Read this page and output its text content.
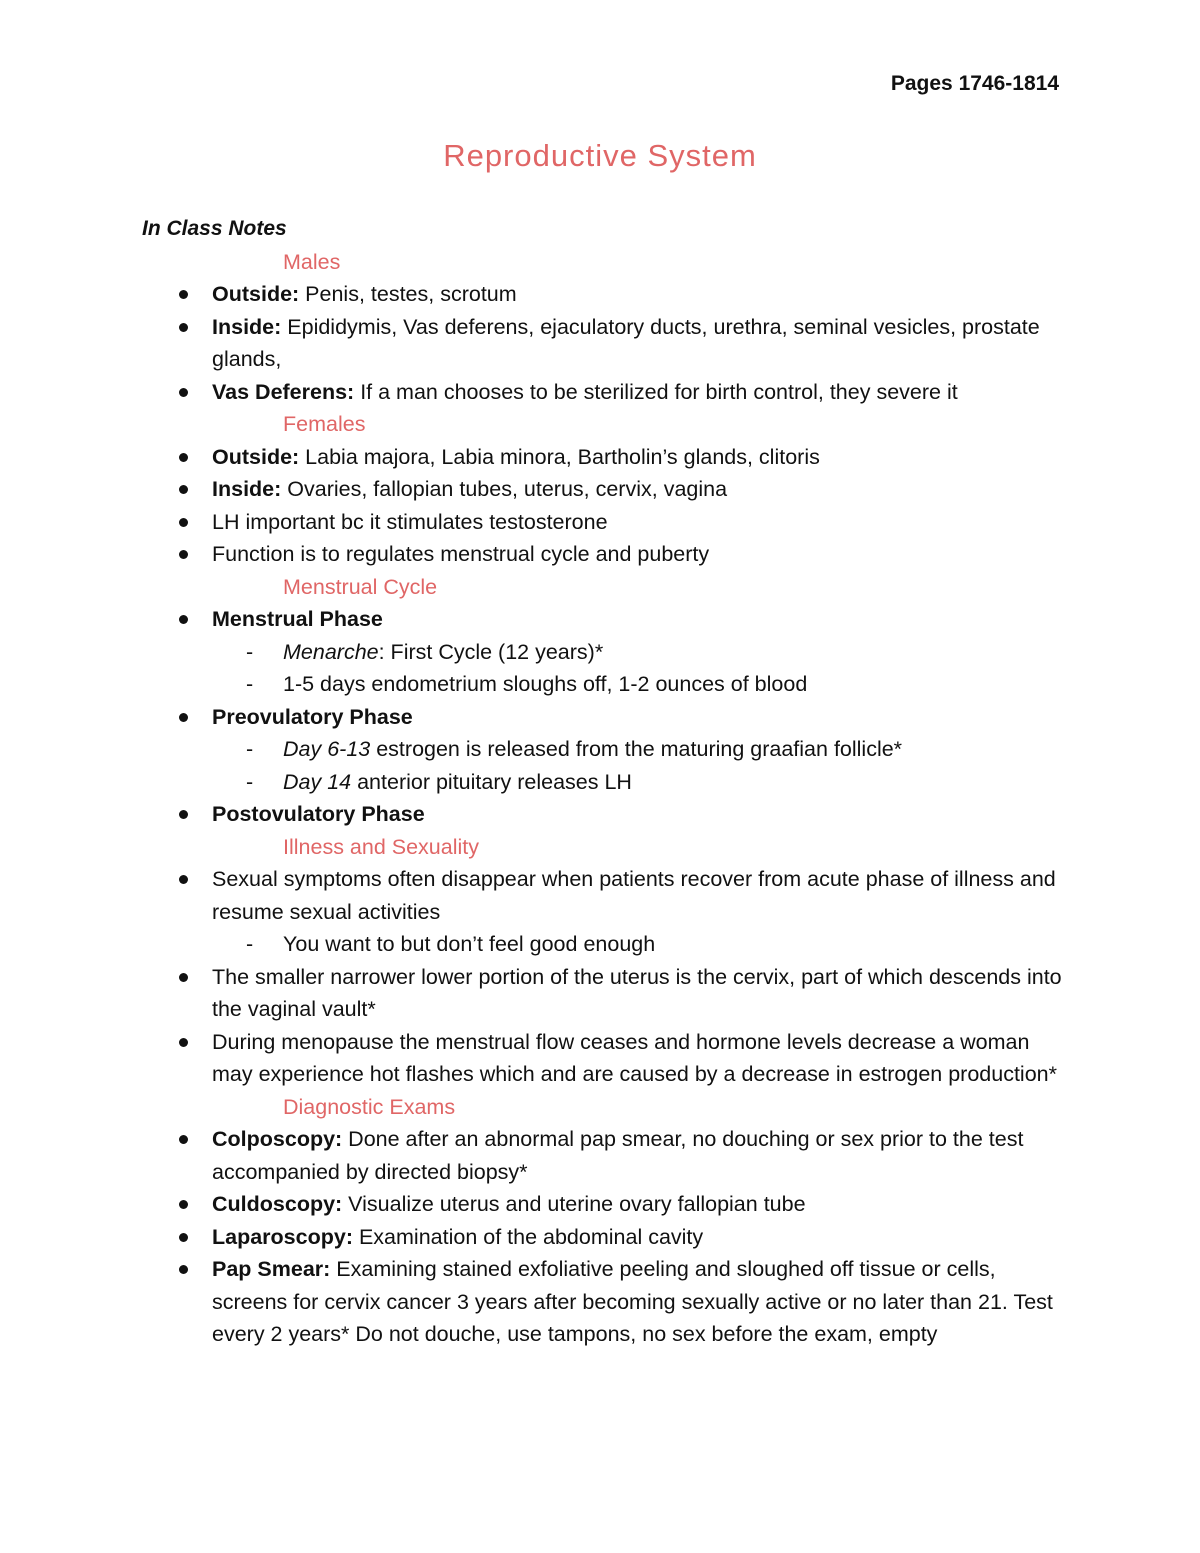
Pages 1746-1814
Reproductive System
In Class Notes
Males
Outside: Penis, testes, scrotum
Inside: Epididymis, Vas deferens, ejaculatory ducts, urethra, seminal vesicles, prostate glands,
Vas Deferens: If a man chooses to be sterilized for birth control, they severe it
Females
Outside: Labia majora, Labia minora, Bartholin’s glands, clitoris
Inside: Ovaries, fallopian tubes, uterus, cervix, vagina
LH important bc it stimulates testosterone
Function is to regulates menstrual cycle and puberty
Menstrual Cycle
Menstrual Phase
- Menarche: First Cycle (12 years)*
- 1-5 days endometrium sloughs off, 1-2 ounces of blood
Preovulatory Phase
- Day 6-13 estrogen is released from the maturing graafian follicle*
- Day 14 anterior pituitary releases LH
Postovulatory Phase
Illness and Sexuality
Sexual symptoms often disappear when patients recover from acute phase of illness and resume sexual activities
- You want to but don’t feel good enough
The smaller narrower lower portion of the uterus is the cervix, part of which descends into the vaginal vault*
During menopause the menstrual flow ceases and hormone levels decrease a woman may experience hot flashes which and are caused by a decrease in estrogen production*
Diagnostic Exams
Colposcopy: Done after an abnormal pap smear, no douching or sex prior to the test accompanied by directed biopsy*
Culdoscopy: Visualize uterus and uterine ovary fallopian tube
Laparoscopy: Examination of the abdominal cavity
Pap Smear: Examining stained exfoliative peeling and sloughed off tissue or cells, screens for cervix cancer 3 years after becoming sexually active or no later than 21. Test every 2 years* Do not douche, use tampons, no sex before the exam, empty
